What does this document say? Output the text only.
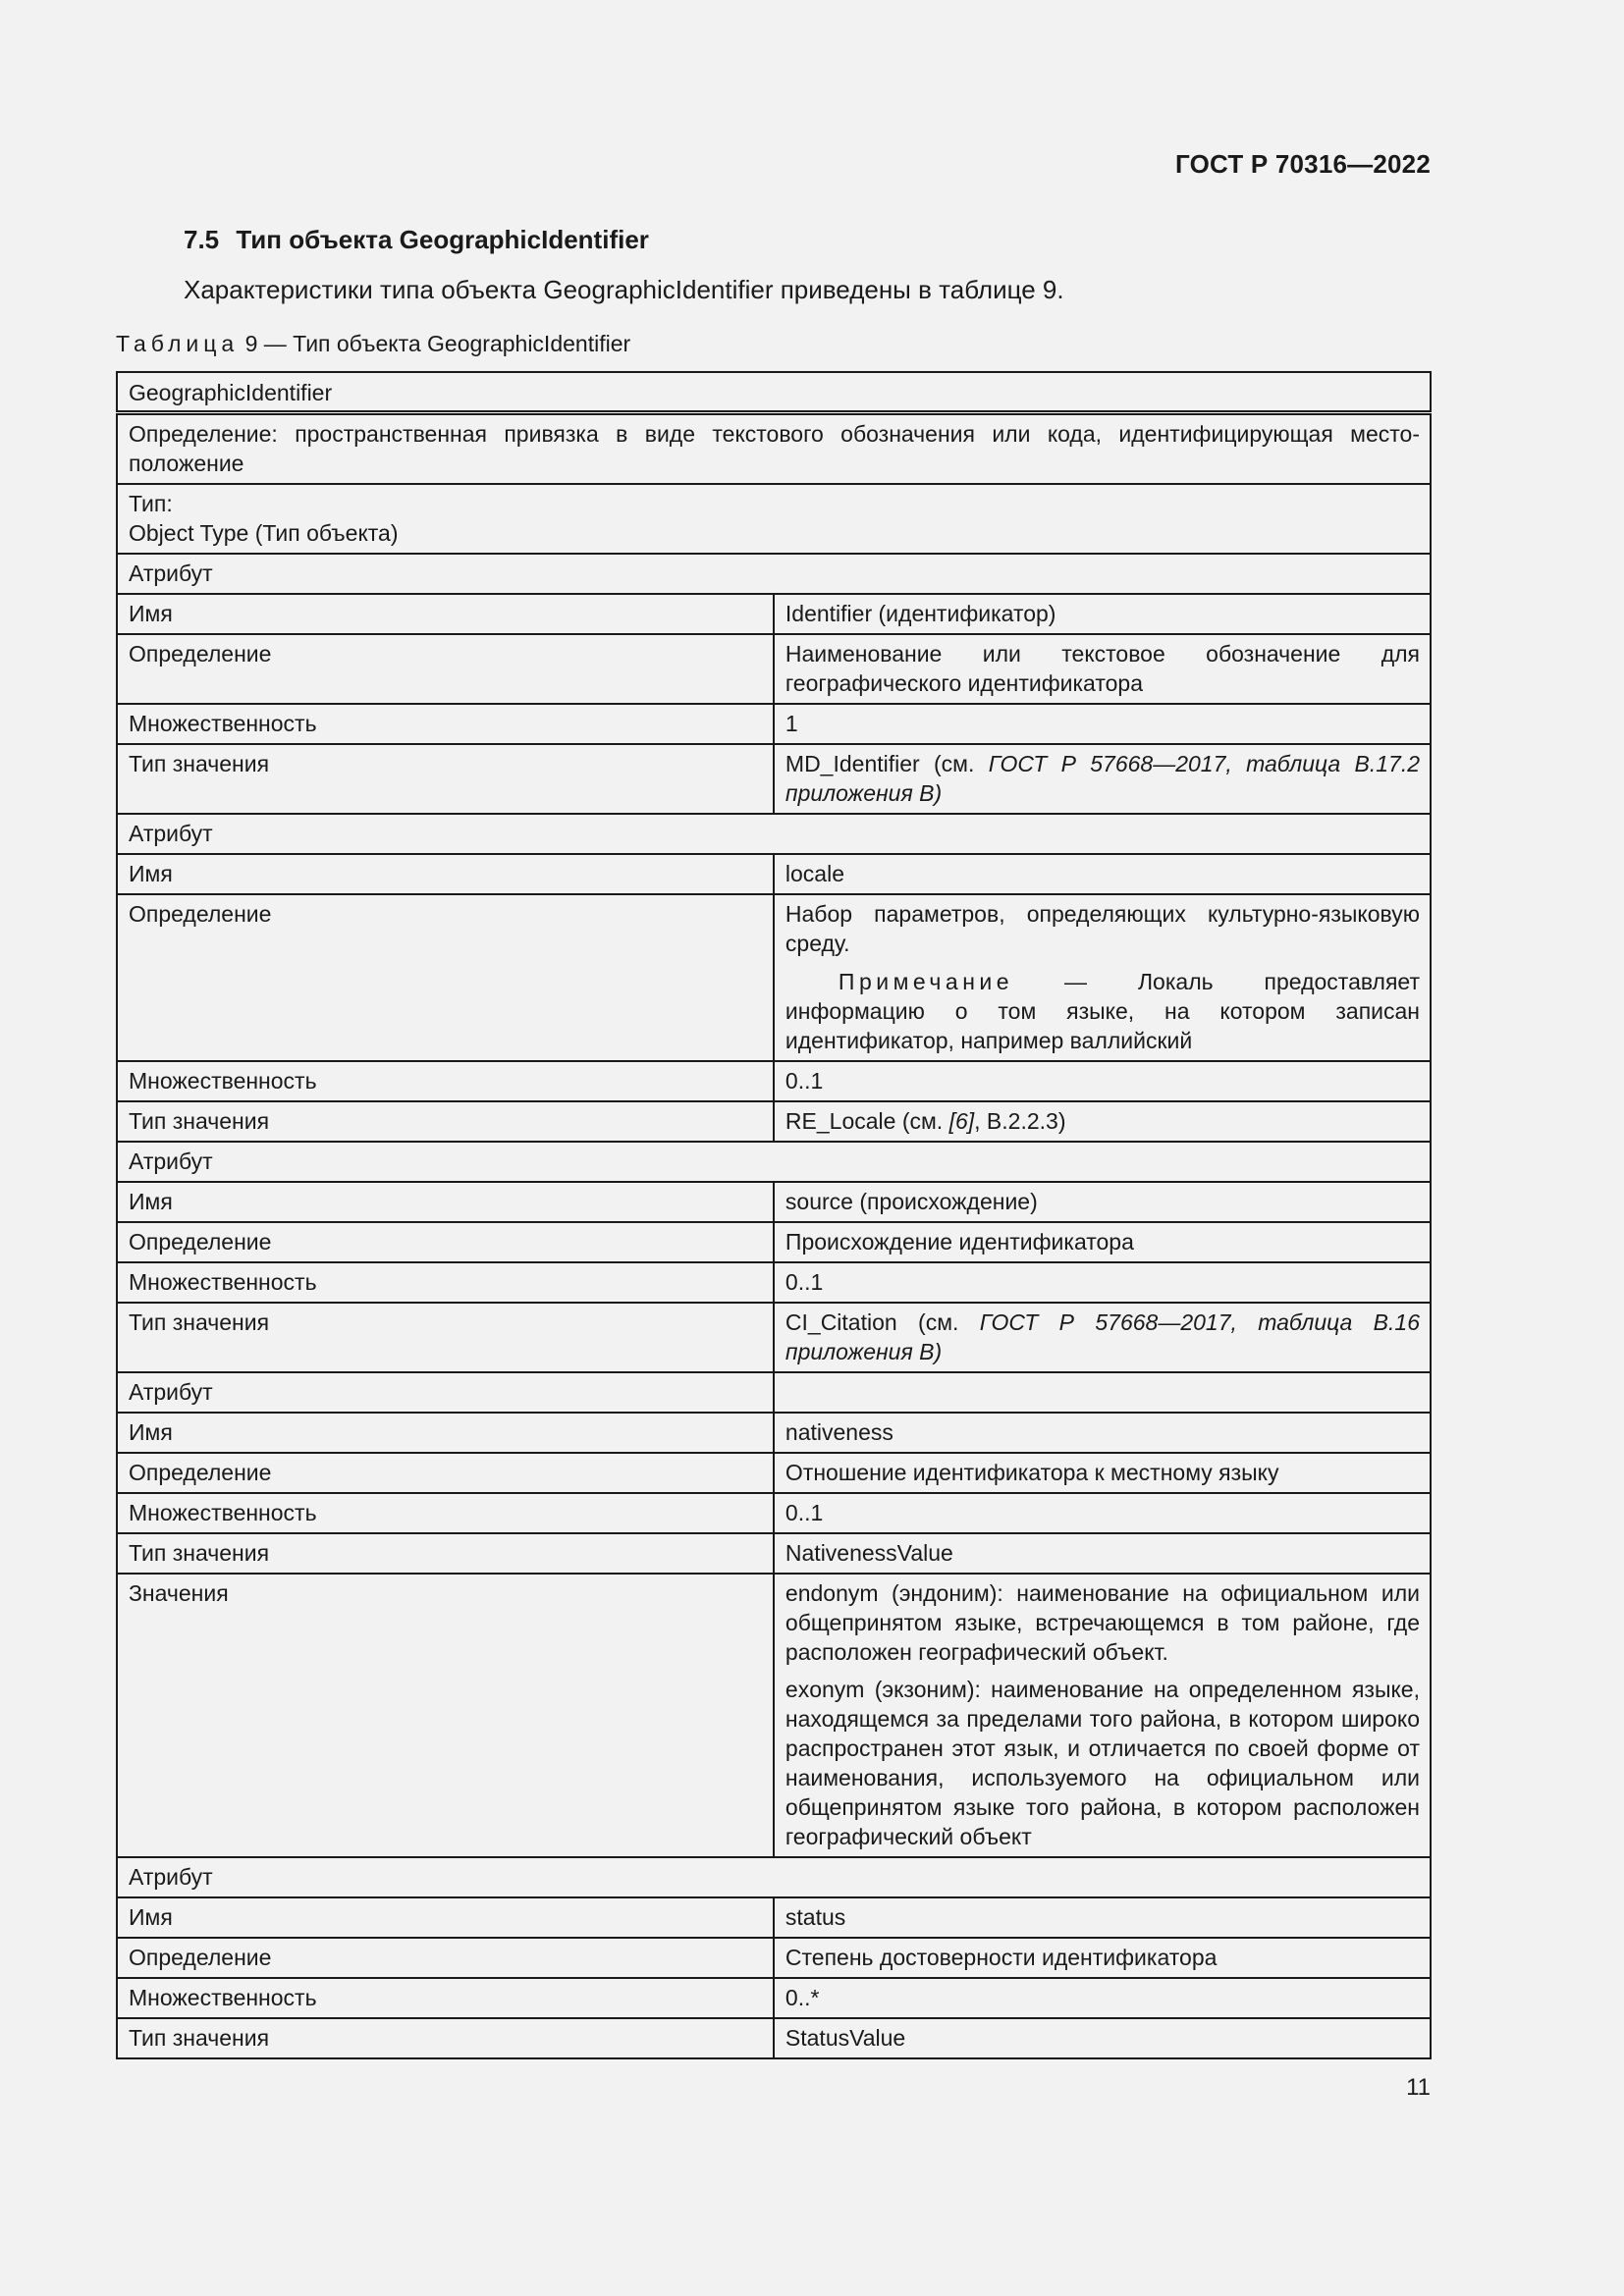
ГОСТ Р 70316—2022
7.5 Тип объекта GeographicIdentifier
Характеристики типа объекта GeographicIdentifier приведены в таблице 9.
Таблица 9 — Тип объекта GeographicIdentifier
GeographicIdentifier	
Определение: пространственная привязка в виде текстового обозначения или кода, идентифицирующая место-положение	

Тип:
Object Type (Тип объекта)	

Атрибут	
Имя	Identifier (идентификатор)
Определение	Наименование или текстовое обозначение для географического идентификатора
Множественность	1
Тип значения	MD_Identifier (см. ГОСТ Р 57668—2017, таблица В.17.2 приложения В)
Атрибут	
Имя	locale
Определение	Набор параметров, определяющих культурно-языковую среду.
Примечание — Локаль предоставляет информацию о том языке, на котором записан идентификатор, например валлийский

Множественность	0..1
Тип значения	RE_Locale (см. [6], B.2.2.3)
Атрибут	
Имя	source (происхождение)
Определение	Происхождение идентификатора
Множественность	0..1
Тип значения	CI_Citation (см. ГОСТ Р 57668—2017, таблица В.16 приложения В)
Атрибут	
Имя	nativeness
Определение	Отношение идентификатора к местному языку
Множественность	0..1
Тип значения	NativenessValue
Значения	endonym (эндоним): наименование на официальном или общепринятом языке, встречающемся в том районе, где расположен географический объект.
exonym (экзоним): наименование на определенном языке, находящемся за пределами того района, в котором широко распространен этот язык, и отличается по своей форме от наименования, используемого на официальном или общепринятом языке того района, в котором расположен географический объект

Атрибут	
Имя	status
Определение	Степень достоверности идентификатора
Множественность	0..*
Тип значения	StatusValue
11
